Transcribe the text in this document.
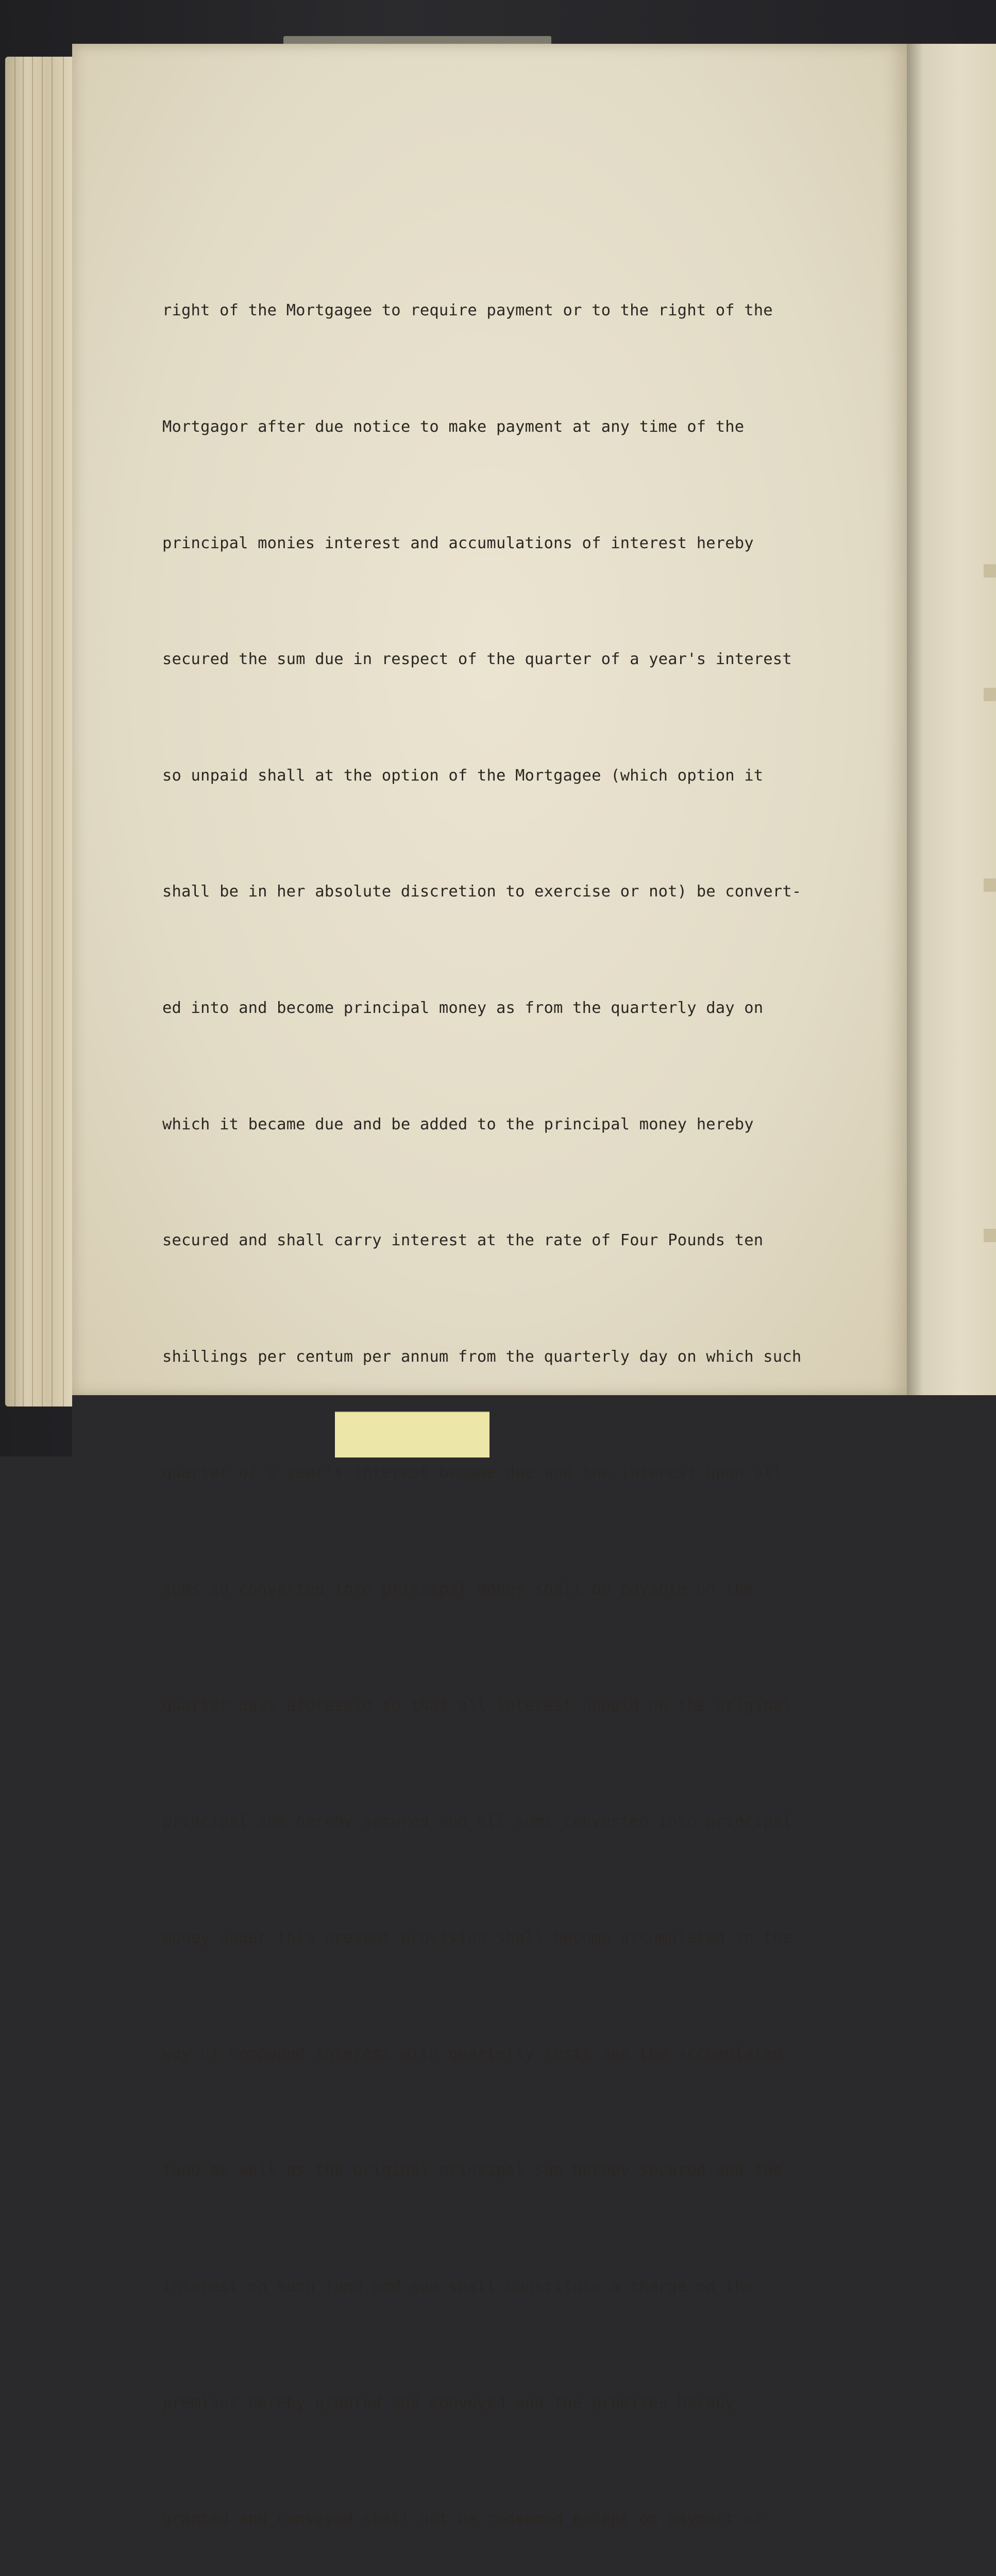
right of the Mortgagee to require payment or to the right of the

Mortgagor after due notice to make payment at any time of the

principal monies interest and accumulations of interest hereby

secured the sum due in respect of the quarter of a year's interest

so unpaid shall at the option of the Mortgagee (which option it

shall be in her absolute discretion to exercise or not) be convert-

ed into and become principal money as from the quarterly day on

which it became due and be added to the principal money hereby

secured and shall carry interest at the rate of Four Pounds ten

shillings per centum per annum from the quarterly day on which such

quarter of a year's interest became due and the interest upon all

sums so converted into principal money shall be payable on the

quarter days aforesaid so that all interest unpaid on the original

principal sum hereby secured and all sums converted into principal

money under this present provision shall become accumulated in the

way of compound interest with quarterly rests and the accumulated

fund as well as the original principal sum hereby secured and the

interest on such fund and sum shall constitute a charge on the

premises hereby granted and conveyed and the premises hereby

granted and conveyed shall not be redeemed except on payment of
